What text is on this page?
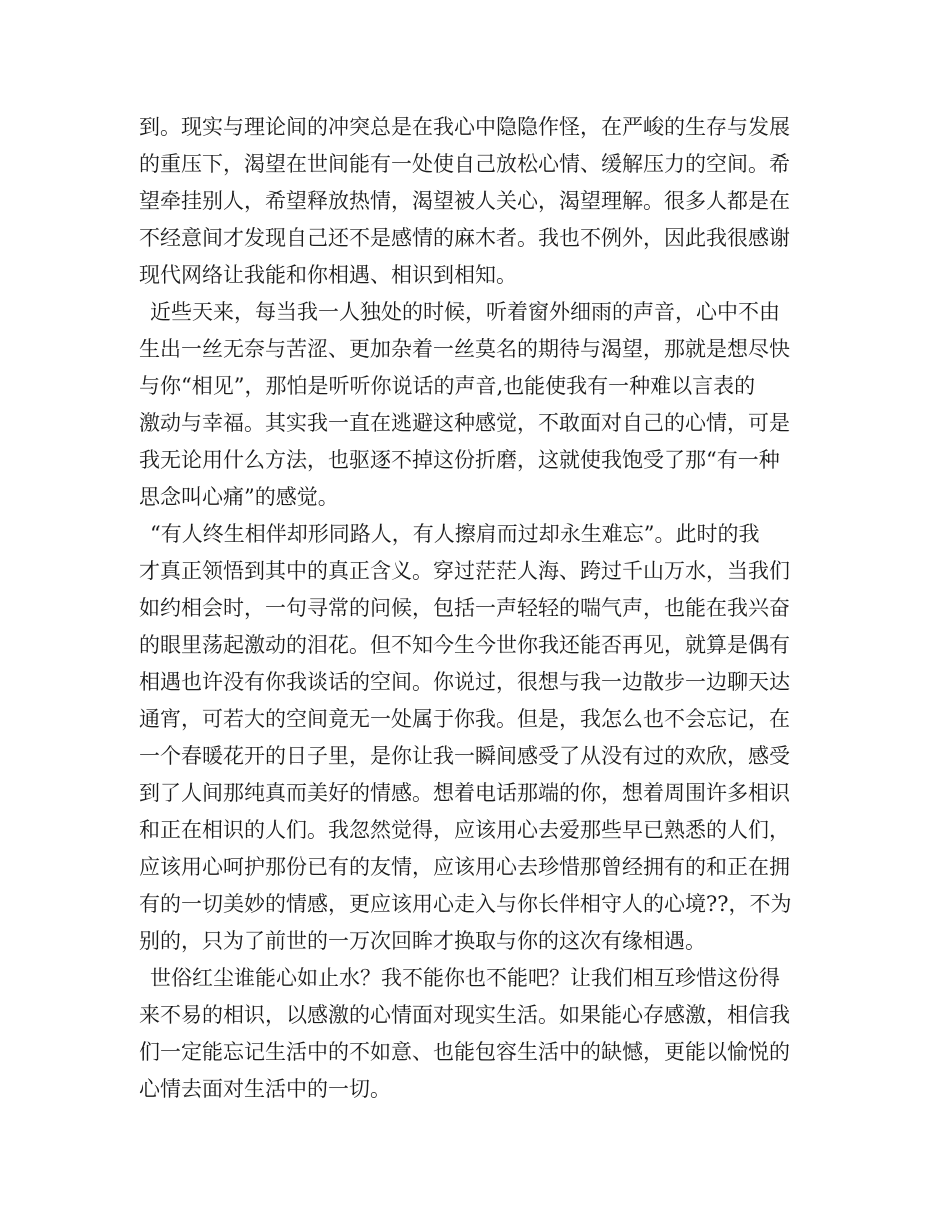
到。现实与理论间的冲突总是在我心中隐隐作怪，在严峻的生存与发展
的重压下，渴望在世间能有一处使自己放松心情、缓解压力的空间。希
望牵挂别人，希望释放热情，渴望被人关心，渴望理解。很多人都是在
不经意间才发现自己还不是感情的麻木者。我也不例外，因此我很感谢
现代网络让我能和你相遇、相识到相知。
近些天来，每当我一人独处的时候，听着窗外细雨的声音，心中不由
生出一丝无奈与苦涩、更加杂着一丝莫名的期待与渴望，那就是想尽快
与你“相见”，那怕是听听你说话的声音,也能使我有一种难以言表的
激动与幸福。其实我一直在逃避这种感觉，不敢面对自己的心情，可是
我无论用什么方法，也驱逐不掉这份折磨，这就使我饱受了那“有一种
思念叫心痛”的感觉。
“有人终生相伴却形同路人，有人擦肩而过却永生难忘”。此时的我
才真正领悟到其中的真正含义。穿过茫茫人海、跨过千山万水，当我们
如约相会时，一句寻常的问候，包括一声轻轻的喘气声，也能在我兴奋
的眼里荡起激动的泪花。但不知今生今世你我还能否再见，就算是偶有
相遇也许没有你我谈话的空间。你说过，很想与我一边散步一边聊天达
通宵，可若大的空间竟无一处属于你我。但是，我怎么也不会忘记，在
一个春暖花开的日子里，是你让我一瞬间感受了从没有过的欢欣，感受
到了人间那纯真而美好的情感。想着电话那端的你，想着周围许多相识
和正在相识的人们。我忽然觉得，应该用心去爱那些早已熟悉的人们，
应该用心呵护那份已有的友情，应该用心去珍惜那曾经拥有的和正在拥
有的一切美妙的情感，更应该用心走入与你长伴相守人的心境??，不为
别的，只为了前世的一万次回眸才换取与你的这次有缘相遇。
世俗红尘谁能心如止水？我不能你也不能吧？让我们相互珍惜这份得
来不易的相识，以感激的心情面对现实生活。如果能心存感激，相信我
们一定能忘记生活中的不如意、也能包容生活中的缺憾，更能以愉悦的
心情去面对生活中的一切。
